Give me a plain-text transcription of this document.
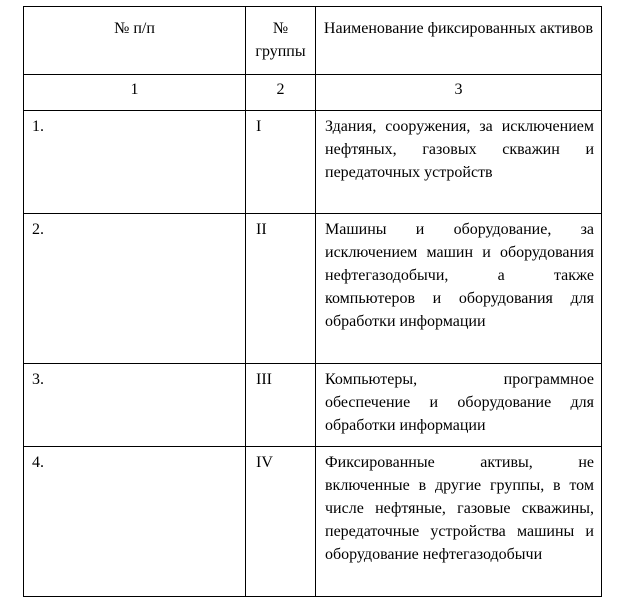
№ п/п	№ группы	Наименование фиксированных активов

1	2	3
1.	I	Здания, сооружения, за исключением нефтяных, газовых скважин и передаточных устройств
2.	II	Машины и оборудование, за исключением машин и оборудования нефтегазодобычи, а также компьютеров и оборудования для обработки информации
3.	III	Компьютеры, программное обеспечение и оборудование для обработки информации
4.	IV	Фиксированные активы, не включенные в другие группы, в том числе нефтяные, газовые скважины, передаточные устройства машины и оборудование нефтегазодобычи
